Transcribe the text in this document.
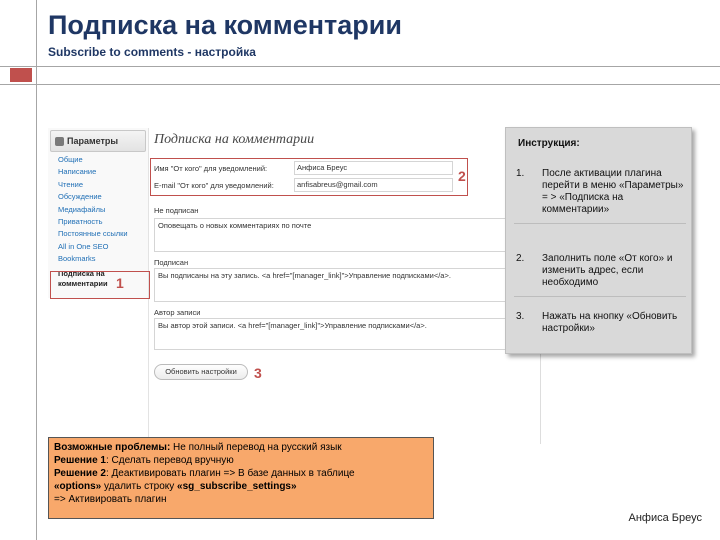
Подписка на комментарии
Subscribe to comments - настройка
Параметры
Общие
Написание
Чтение
Обсуждение
Медиафайлы
Приватность
Постоянные ссылки
All in One SEO
Bookmarks
Подписка на комментарии
Подписка на комментарии
Имя "От кого" для уведомлений:	Анфиса Бреус
E-mail "От кого" для уведомлений:	anfisabreus@gmail.com
Не подписан
Оповещать о новых комментариях по почте
Подписан
Вы подписаны на эту запись. <a href="[manager_link]">Управление подписками</a>.
Автор записи
Вы автор этой записи. <a href="[manager_link]">Управление подписками</a>.
Обновить настройки
1
2
3
Инструкция:
1.	После активации плагина перейти в меню «Параметры» = > «Подписка на комментарии»
2.	Заполнить поле «От кого» и изменить адрес, если необходимо
3.	Нажать на кнопку «Обновить настройки»
Возможные проблемы: Не полный перевод на русский язык
Решение 1: Сделать перевод вручную
Решение 2: Деактивировать плагин => В базе данных в таблице
«options» удалить строку «sg_subscribe_settings»
=> Активировать плагин
Анфиса Бреус
